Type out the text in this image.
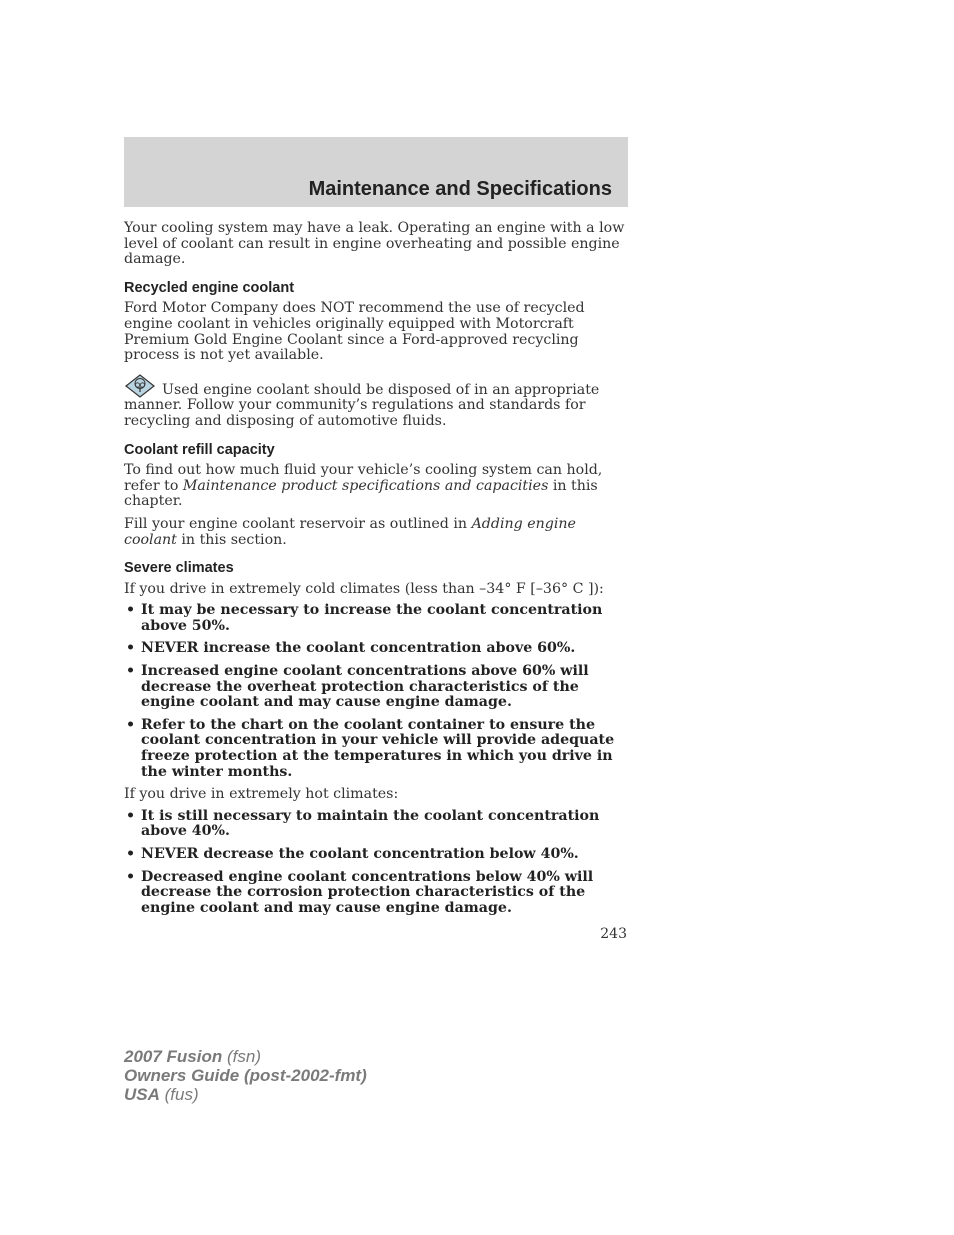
Maintenance and Specifications

Your cooling system may have a leak. Operating an engine with a low level of coolant can result in engine overheating and possible engine damage.

Recycled engine coolant

Ford Motor Company does NOT recommend the use of recycled engine coolant in vehicles originally equipped with Motorcraft Premium Gold Engine Coolant since a Ford-approved recycling process is not yet available.

Used engine coolant should be disposed of in an appropriate manner. Follow your community’s regulations and standards for recycling and disposing of automotive fluids.

Coolant refill capacity

To find out how much fluid your vehicle’s cooling system can hold, refer to Maintenance product specifications and capacities in this chapter.

Fill your engine coolant reservoir as outlined in Adding engine coolant in this section.

Severe climates

If you drive in extremely cold climates (less than –34° F [–36° C ]):

• It may be necessary to increase the coolant concentration above 50%.
• NEVER increase the coolant concentration above 60%.
• Increased engine coolant concentrations above 60% will decrease the overheat protection characteristics of the engine coolant and may cause engine damage.
• Refer to the chart on the coolant container to ensure the coolant concentration in your vehicle will provide adequate freeze protection at the temperatures in which you drive in the winter months.

If you drive in extremely hot climates:

• It is still necessary to maintain the coolant concentration above 40%.
• NEVER decrease the coolant concentration below 40%.
• Decreased engine coolant concentrations below 40% will decrease the corrosion protection characteristics of the engine coolant and may cause engine damage.
243
2007 Fusion (fsn)
Owners Guide (post-2002-fmt)
USA (fus)
